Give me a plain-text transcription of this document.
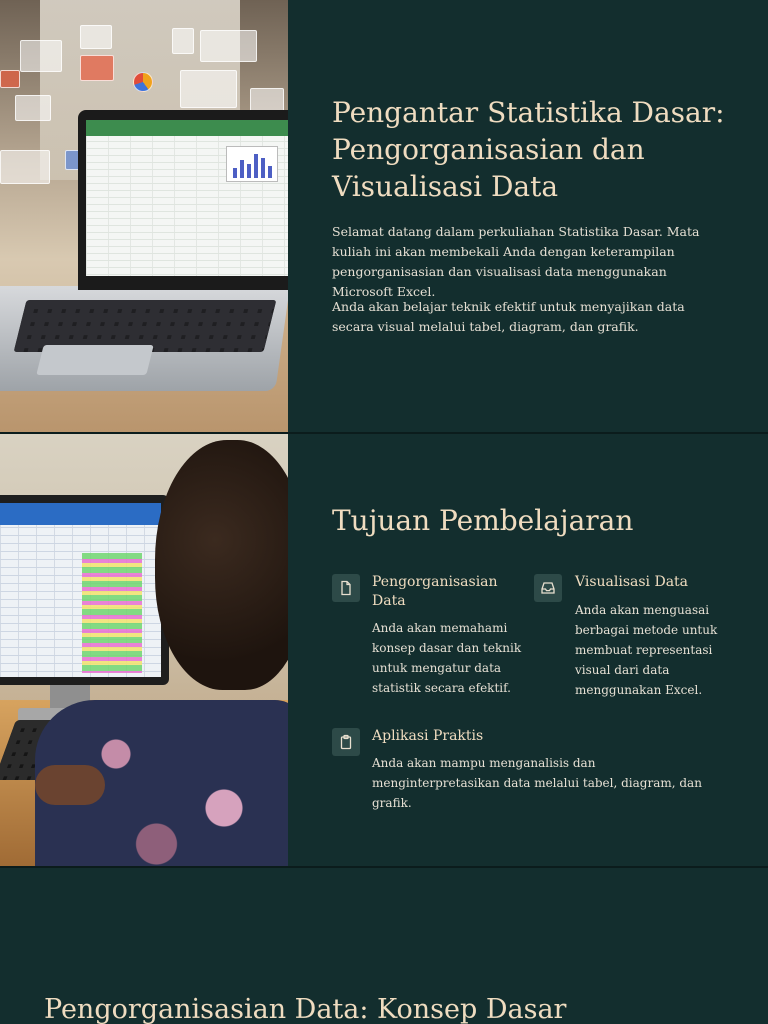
Pengantar Statistika Dasar: Pengorganisasian dan Visualisasi Data

Selamat datang dalam perkuliahan Statistika Dasar. Mata kuliah ini akan membekali Anda dengan keterampilan pengorganisasian dan visualisasi data menggunakan Microsoft Excel.

Anda akan belajar teknik efektif untuk menyajikan data secara visual melalui tabel, diagram, dan grafik.

Tujuan Pembelajaran
Pengorganisasian Data
Anda akan memahami konsep dasar dan teknik untuk mengatur data statistik secara efektif.
Visualisasi Data
Anda akan menguasai berbagai metode untuk membuat representasi visual dari data menggunakan Excel.
Aplikasi Praktis
Anda akan mampu menganalisis dan menginterpretasikan data melalui tabel, diagram, dan grafik.
Pengorganisasian Data: Konsep Dasar
